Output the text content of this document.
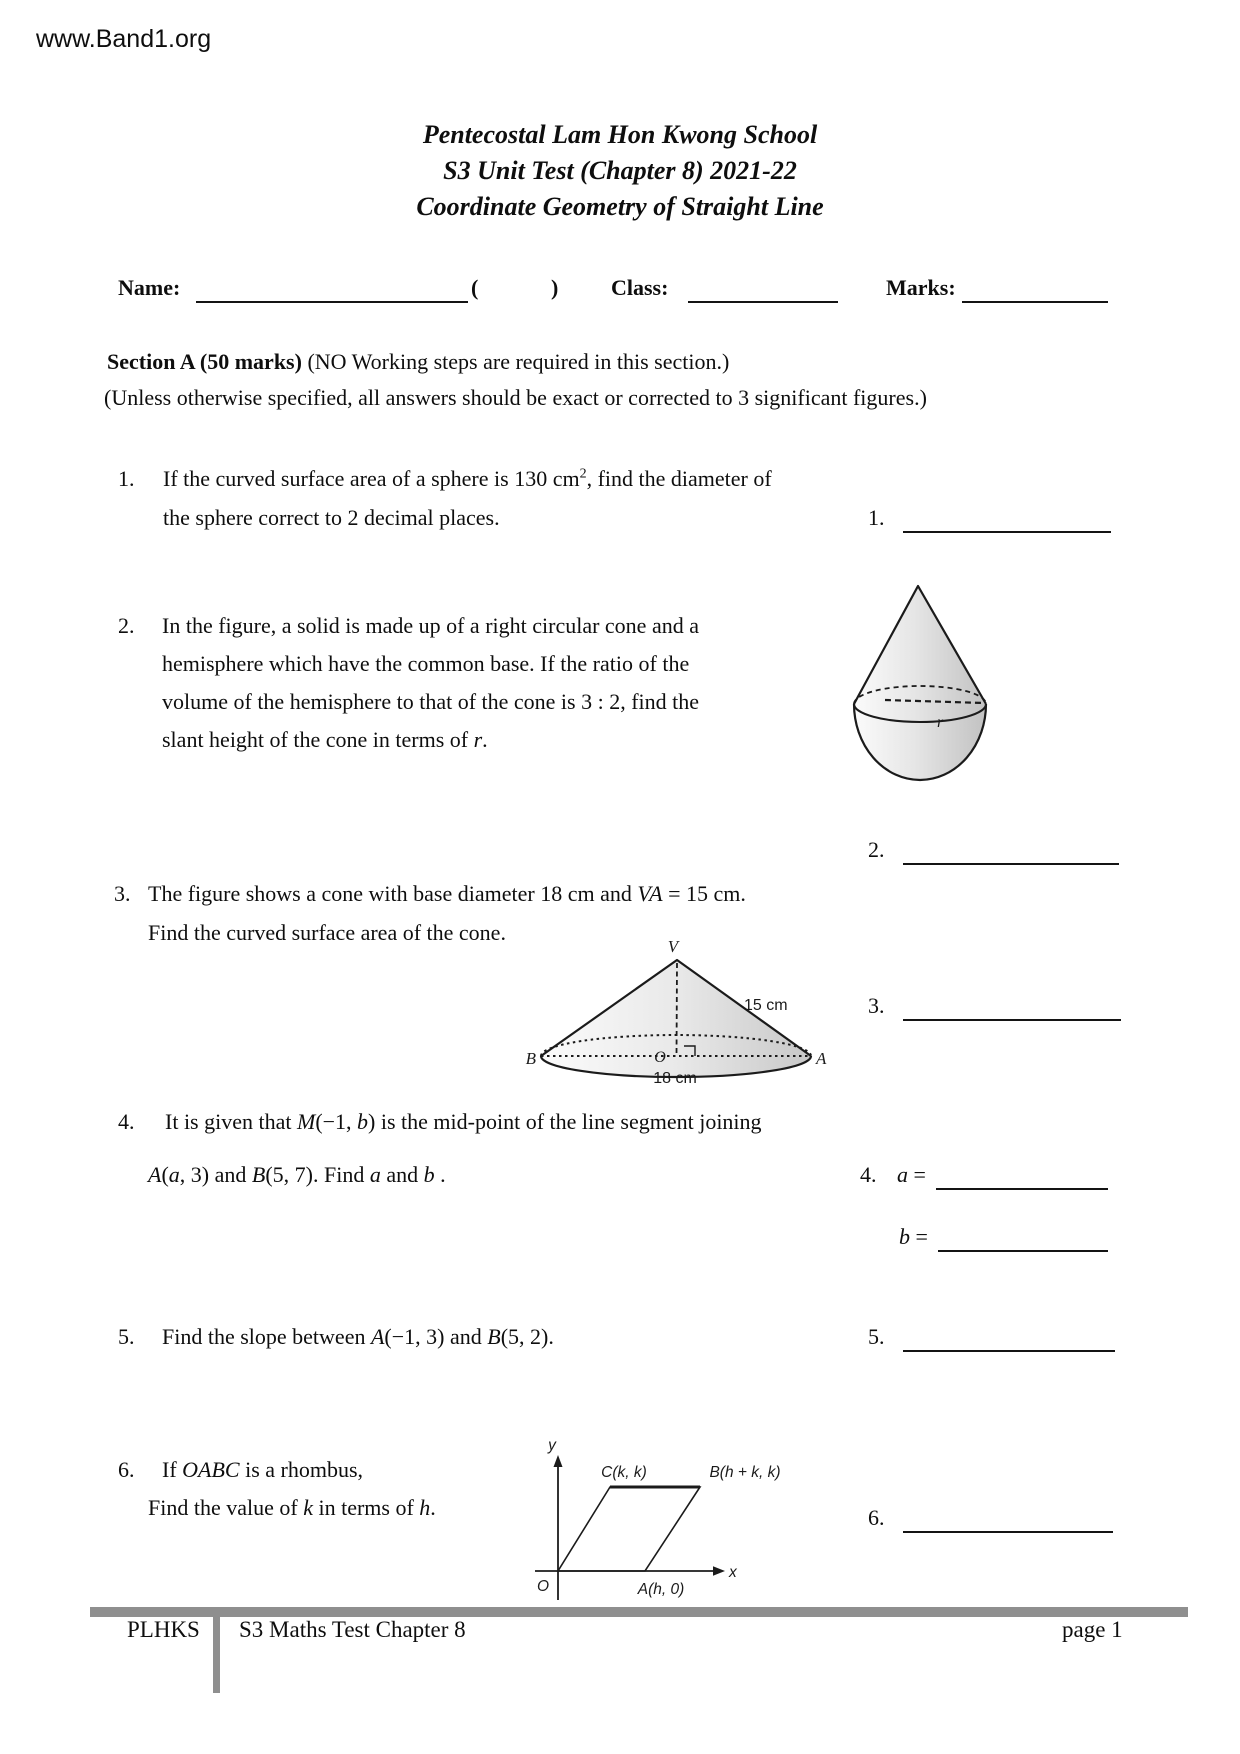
www.Band1.org
Pentecostal Lam Hon Kwong School
S3 Unit Test (Chapter 8) 2021-22
Coordinate Geometry of Straight Line
Name:	(	) Class:	Marks:
Section A (50 marks) (NO Working steps are required in this section.)
(Unless otherwise specified, all answers should be exact or corrected to 3 significant figures.)
1. If the curved surface area of a sphere is 130 $cm^2$, find the diameter of
the sphere correct to 2 decimal places.	1.
2. In the figure, a solid is made up of a right circular cone and a
hemisphere which have the common base. If the ratio of the
volume of the hemisphere to that of the cone is 3 : 2, find the
slant height of the cone in terms of r.
r
2.
3. The figure shows a cone with base diameter 18 cm and VA = 15 cm.
Find the curved surface area of the cone.
V
15 cm
B	A
O
18 cm
3.
4. It is given that M(−1, b) is the mid-point of the line segment joining
A(a, 3) and B(5, 7). Find a and b .	4. a =
b =
5. Find the slope between A(−1, 3) and B(5, 2).	5.
6. If OABC is a rhombus,
Find the value of k in terms of h.
y
x
O
C(k, k)	B(h + k, k)
A(h, 0)
6.
PLHKS S3 Maths Test Chapter 8	page 1
